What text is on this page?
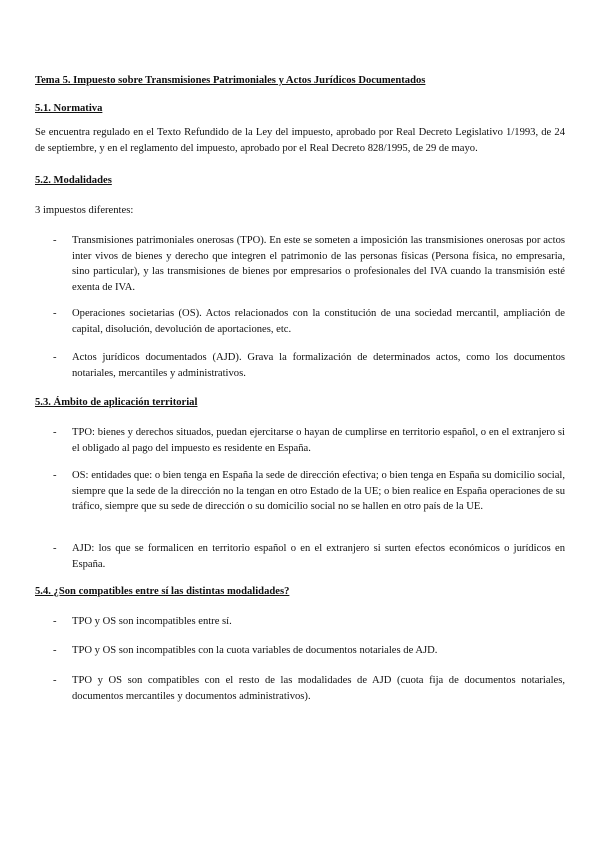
Tema 5. Impuesto sobre Transmisiones Patrimoniales y Actos Jurídicos Documentados
5.1. Normativa
Se encuentra regulado en el Texto Refundido de la Ley del impuesto, aprobado por Real Decreto Legislativo 1/1993, de 24 de septiembre, y en el reglamento del impuesto, aprobado por el Real Decreto 828/1995, de 29 de mayo.
5.2. Modalidades
3 impuestos diferentes:
- Transmisiones patrimoniales onerosas (TPO). En este se someten a imposición las transmisiones onerosas por actos inter vivos de bienes y derecho que integren el patrimonio de las personas físicas (Persona física, no empresaria, sino particular), y las transmisiones de bienes por empresarios o profesionales del IVA cuando la transmisión esté exenta de IVA.
- Operaciones societarias (OS). Actos relacionados con la constitución de una sociedad mercantil, ampliación de capital, disolución, devolución de aportaciones, etc.
- Actos jurídicos documentados (AJD). Grava la formalización de determinados actos, como los documentos notariales, mercantiles y administrativos.
5.3. Ámbito de aplicación territorial
- TPO: bienes y derechos situados, puedan ejercitarse o hayan de cumplirse en territorio español, o en el extranjero si el obligado al pago del impuesto es residente en España.
- OS: entidades que: o bien tenga en España la sede de dirección efectiva; o bien tenga en España su domicilio social, siempre que la sede de la dirección no la tengan en otro Estado de la UE; o bien realice en España operaciones de su tráfico, siempre que su sede de dirección o su domicilio social no se hallen en otro país de la UE.
- AJD: los que se formalicen en territorio español o en el extranjero si surten efectos económicos o jurídicos en España.
5.4. ¿Son compatibles entre sí las distintas modalidades?
- TPO y OS son incompatibles entre sí.
- TPO y OS son incompatibles con la cuota variables de documentos notariales de AJD.
- TPO y OS son compatibles con el resto de las modalidades de AJD (cuota fija de documentos notariales, documentos mercantiles y documentos administrativos).
